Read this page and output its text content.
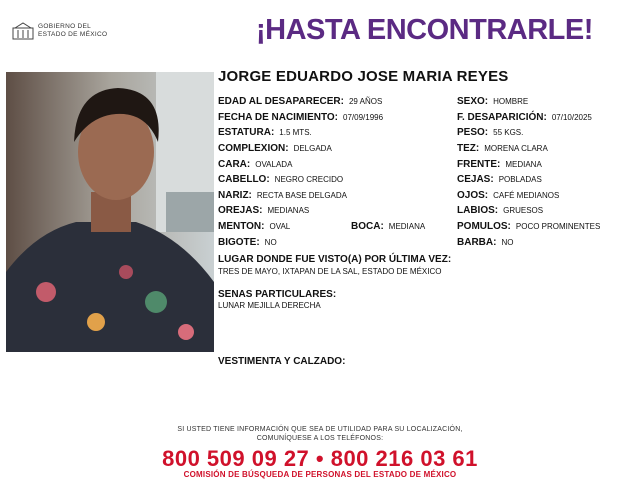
GOBIERNO DEL
ESTADO DE MÉXICO	¡HASTA ENCONTRARLE!
JORGE EDUARDO JOSE MARIA REYES
EDAD AL DESAPARECER: 29 AÑOS
FECHA DE NACIMIENTO: 07/09/1996
ESTATURA: 1.5 MTS.
COMPLEXION: DELGADA
CARA: OVALADA
CABELLO: NEGRO CRECIDO
NARIZ: RECTA BASE DELGADA
OREJAS: MEDIANAS
MENTON: OVAL	BOCA: MEDIANA
BIGOTE: NO
SEXO: HOMBRE
F. DESAPARICIÓN: 07/10/2025
PESO: 55 KGS.
TEZ: MORENA CLARA
FRENTE: MEDIANA
CEJAS: POBLADAS
OJOS: CAFÉ MEDIANOS
LABIOS: GRUESOS
POMULOS: POCO PROMINENTES
BARBA: NO
LUGAR DONDE FUE VISTO(A) POR ÚLTIMA VEZ:
TRES DE MAYO, IXTAPAN DE LA SAL, ESTADO DE MÉXICO
SENAS PARTICULARES:
LUNAR MEJILLA DERECHA
VESTIMENTA Y CALZADO:
SI USTED TIENE INFORMACIÓN QUE SEA DE UTILIDAD PARA SU LOCALIZACIÓN,
COMUNÍQUESE A LOS TELÉFONOS:
800 509 09 27 • 800 216 03 61
COMISIÓN DE BÚSQUEDA DE PERSONAS DEL ESTADO DE MÉXICO
